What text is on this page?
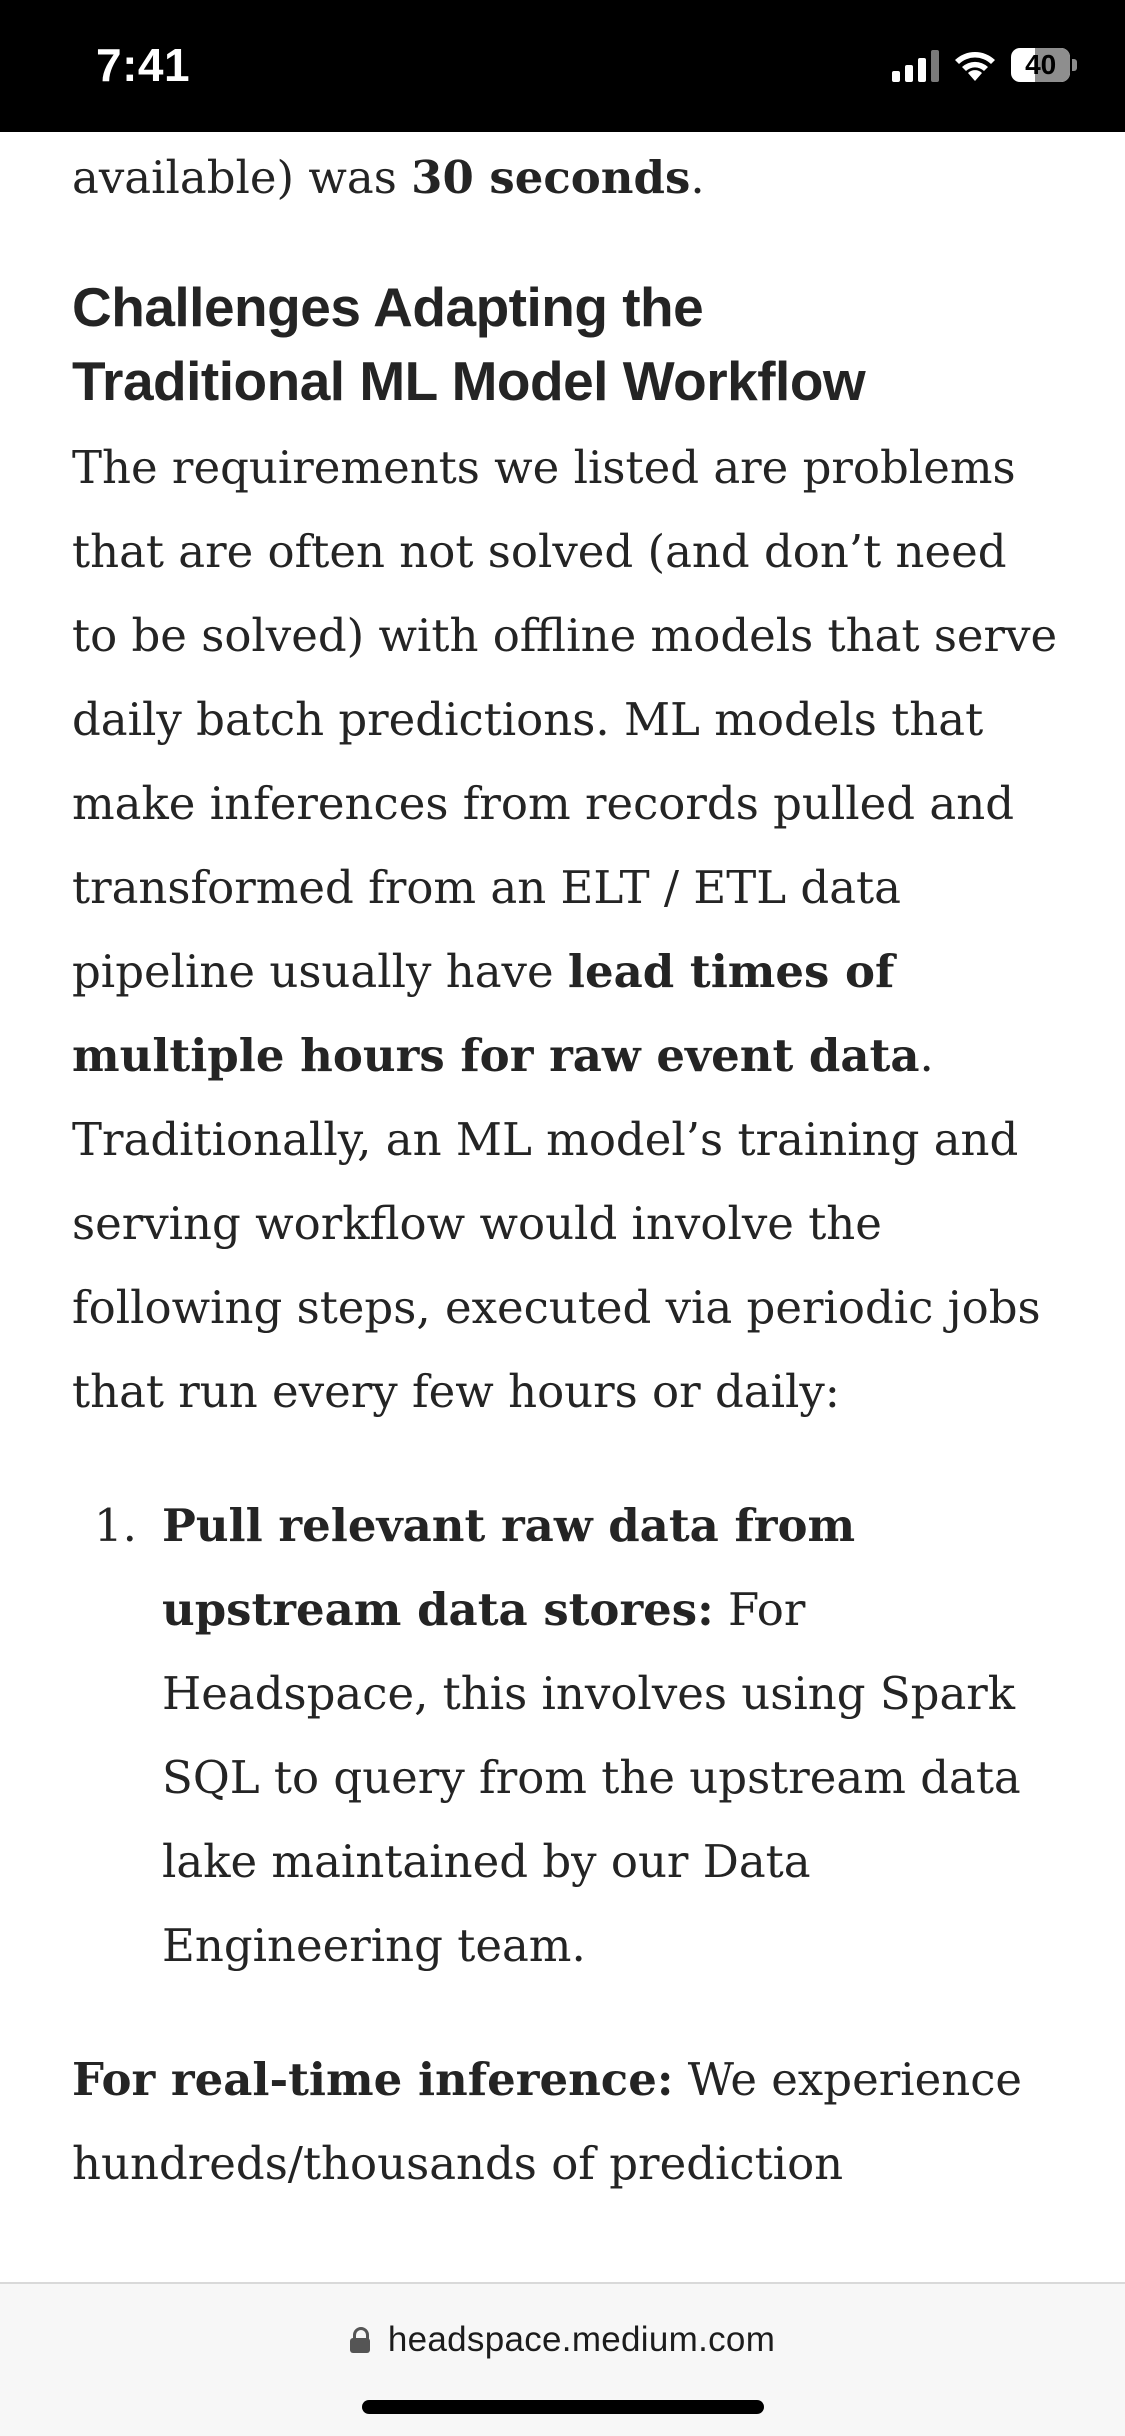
7:41	40

available) was 30 seconds.

Challenges Adapting the
Traditional ML Model Workflow

The requirements we listed are problems that are often not solved (and don’t need to be solved) with offline models that serve daily batch predictions. ML models that make inferences from records pulled and transformed from an ELT / ETL data pipeline usually have lead times of multiple hours for raw event data. Traditionally, an ML model’s training and serving workflow would involve the following steps, executed via periodic jobs that run every few hours or daily:

1. Pull relevant raw data from upstream data stores: For Headspace, this involves using Spark SQL to query from the upstream data lake maintained by our Data Engineering team.

For real-time inference: We experience hundreds/thousands of prediction

headspace.medium.com
